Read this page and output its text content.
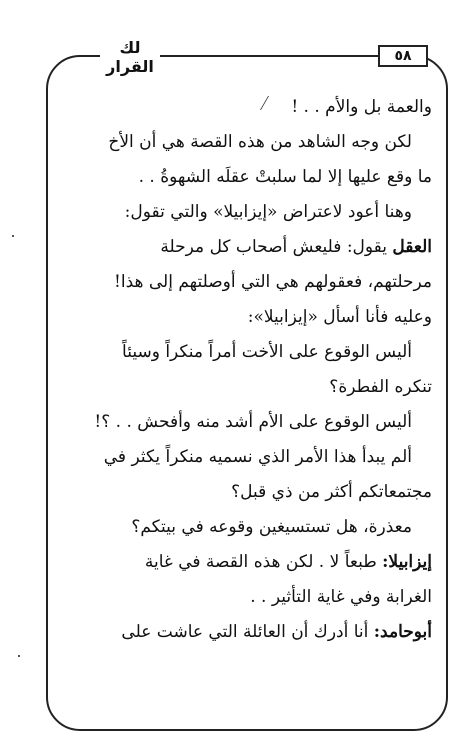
لك القرار
٥٨

والعمة بل والأم . . !

لكن وجه الشاهد من هذه القصة هي أن الأخ

ما وقع عليها إلا لما سلبتْ عقلَه الشهوةُ . .

وهنا أعود لاعتراض «إيزابيلا» والتي تقول:

العقل يقول: فليعش أصحاب كل مرحلة

مرحلتهم، فعقولهم هي التي أوصلتهم إلى هذا!

وعليه فأنا أسأل «إيزابيلا»:

أليس الوقوع على الأخت أمراً منكراً وسيئاً

تنكره الفطرة؟

أليس الوقوع على الأم أشد منه وأفحش . . ؟!

ألم يبدأ هذا الأمر الذي نسميه منكراً يكثر في

مجتمعاتكم أكثر من ذي قبل؟

معذرة، هل تستسيغين وقوعه في بيتكم؟

إيزابيلا: طبعاً لا . لكن هذه القصة في غاية

الغرابة وفي غاية التأثير . .

أبوحامد: أنا أدرك أن العائلة التي عاشت على
